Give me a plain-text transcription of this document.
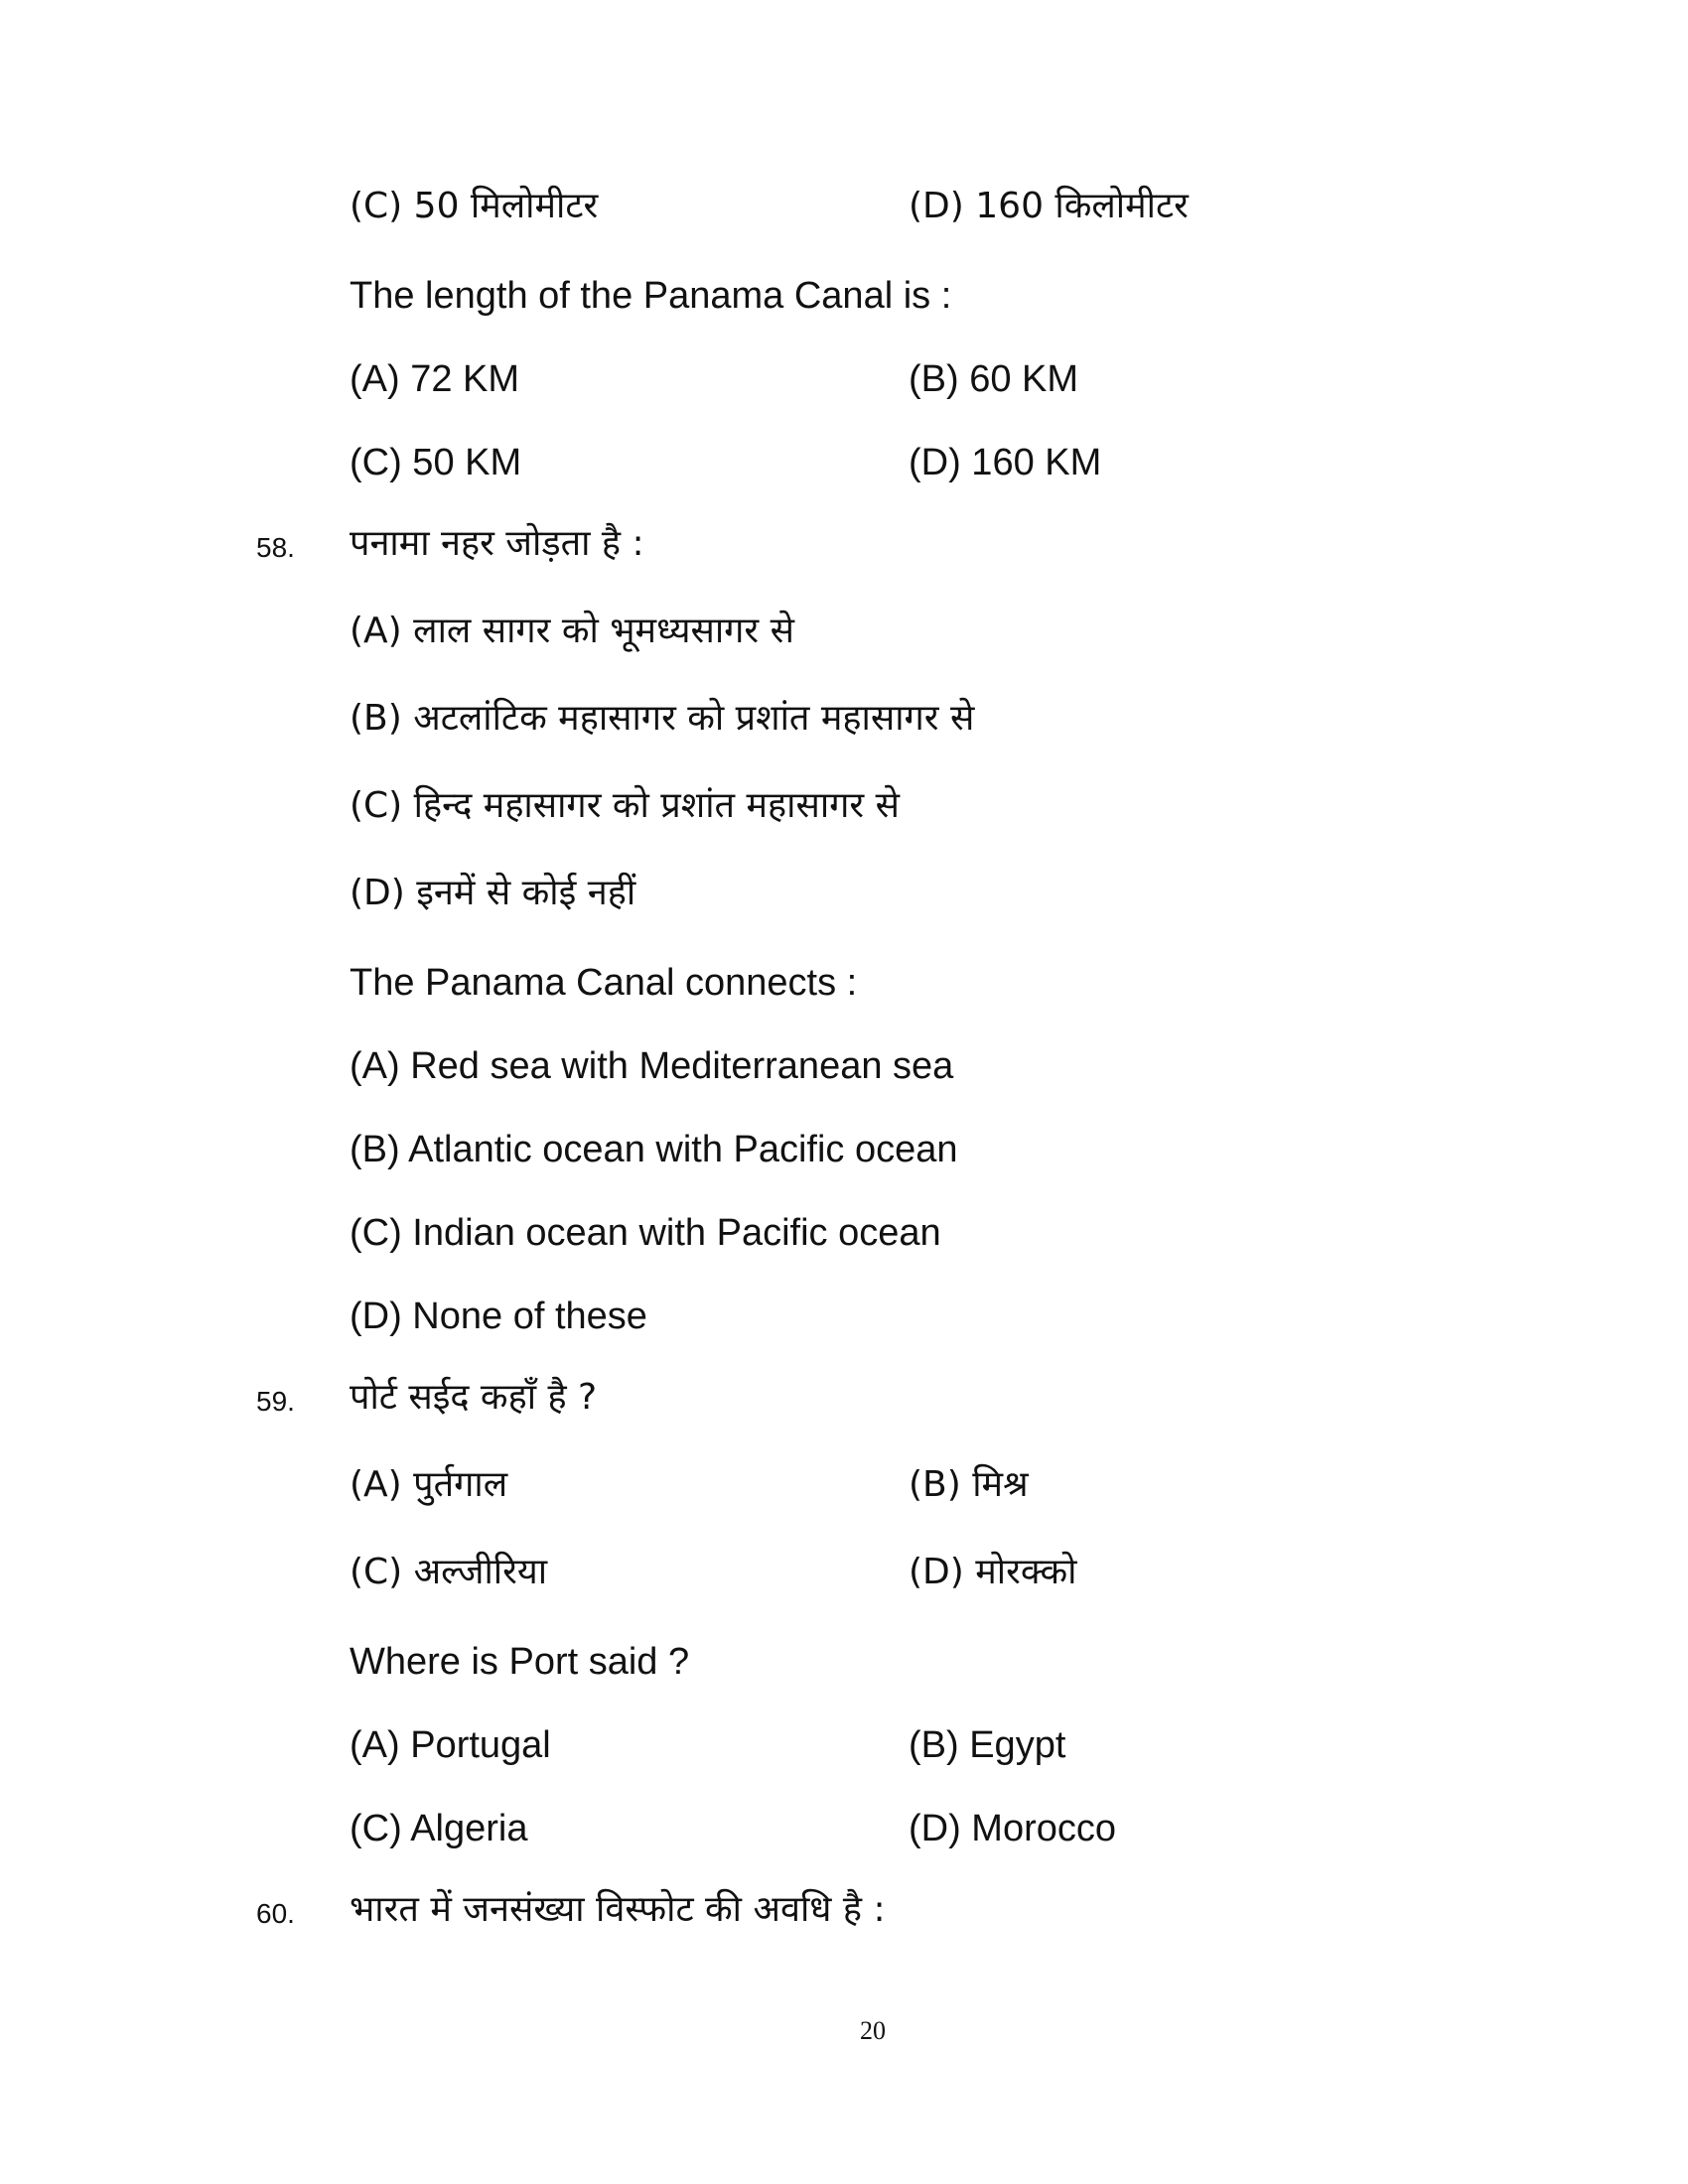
(C) 50 मिलोमीटर	(D) 160 किलोमीटर
The length of the Panama Canal is :
(A) 72 KM	(B) 60 KM
(C) 50 KM	(D) 160 KM
58. पनामा नहर जोड़ता है :
(A) लाल सागर को भूमध्यसागर से
(B) अटलांटिक महासागर को प्रशांत महासागर से
(C) हिन्द महासागर को प्रशांत महासागर से
(D) इनमें से कोई नहीं
The Panama Canal connects :
(A) Red sea with Mediterranean sea
(B) Atlantic ocean with Pacific ocean
(C) Indian ocean with Pacific ocean
(D) None of these
59. पोर्ट सईद कहाँ है ?
(A) पुर्तगाल	(B) मिश्र
(C) अल्जीरिया	(D) मोरक्को
Where is Port said ?
(A) Portugal	(B) Egypt
(C) Algeria	(D) Morocco
60. भारत में जनसंख्या विस्फोट की अवधि है :
20
